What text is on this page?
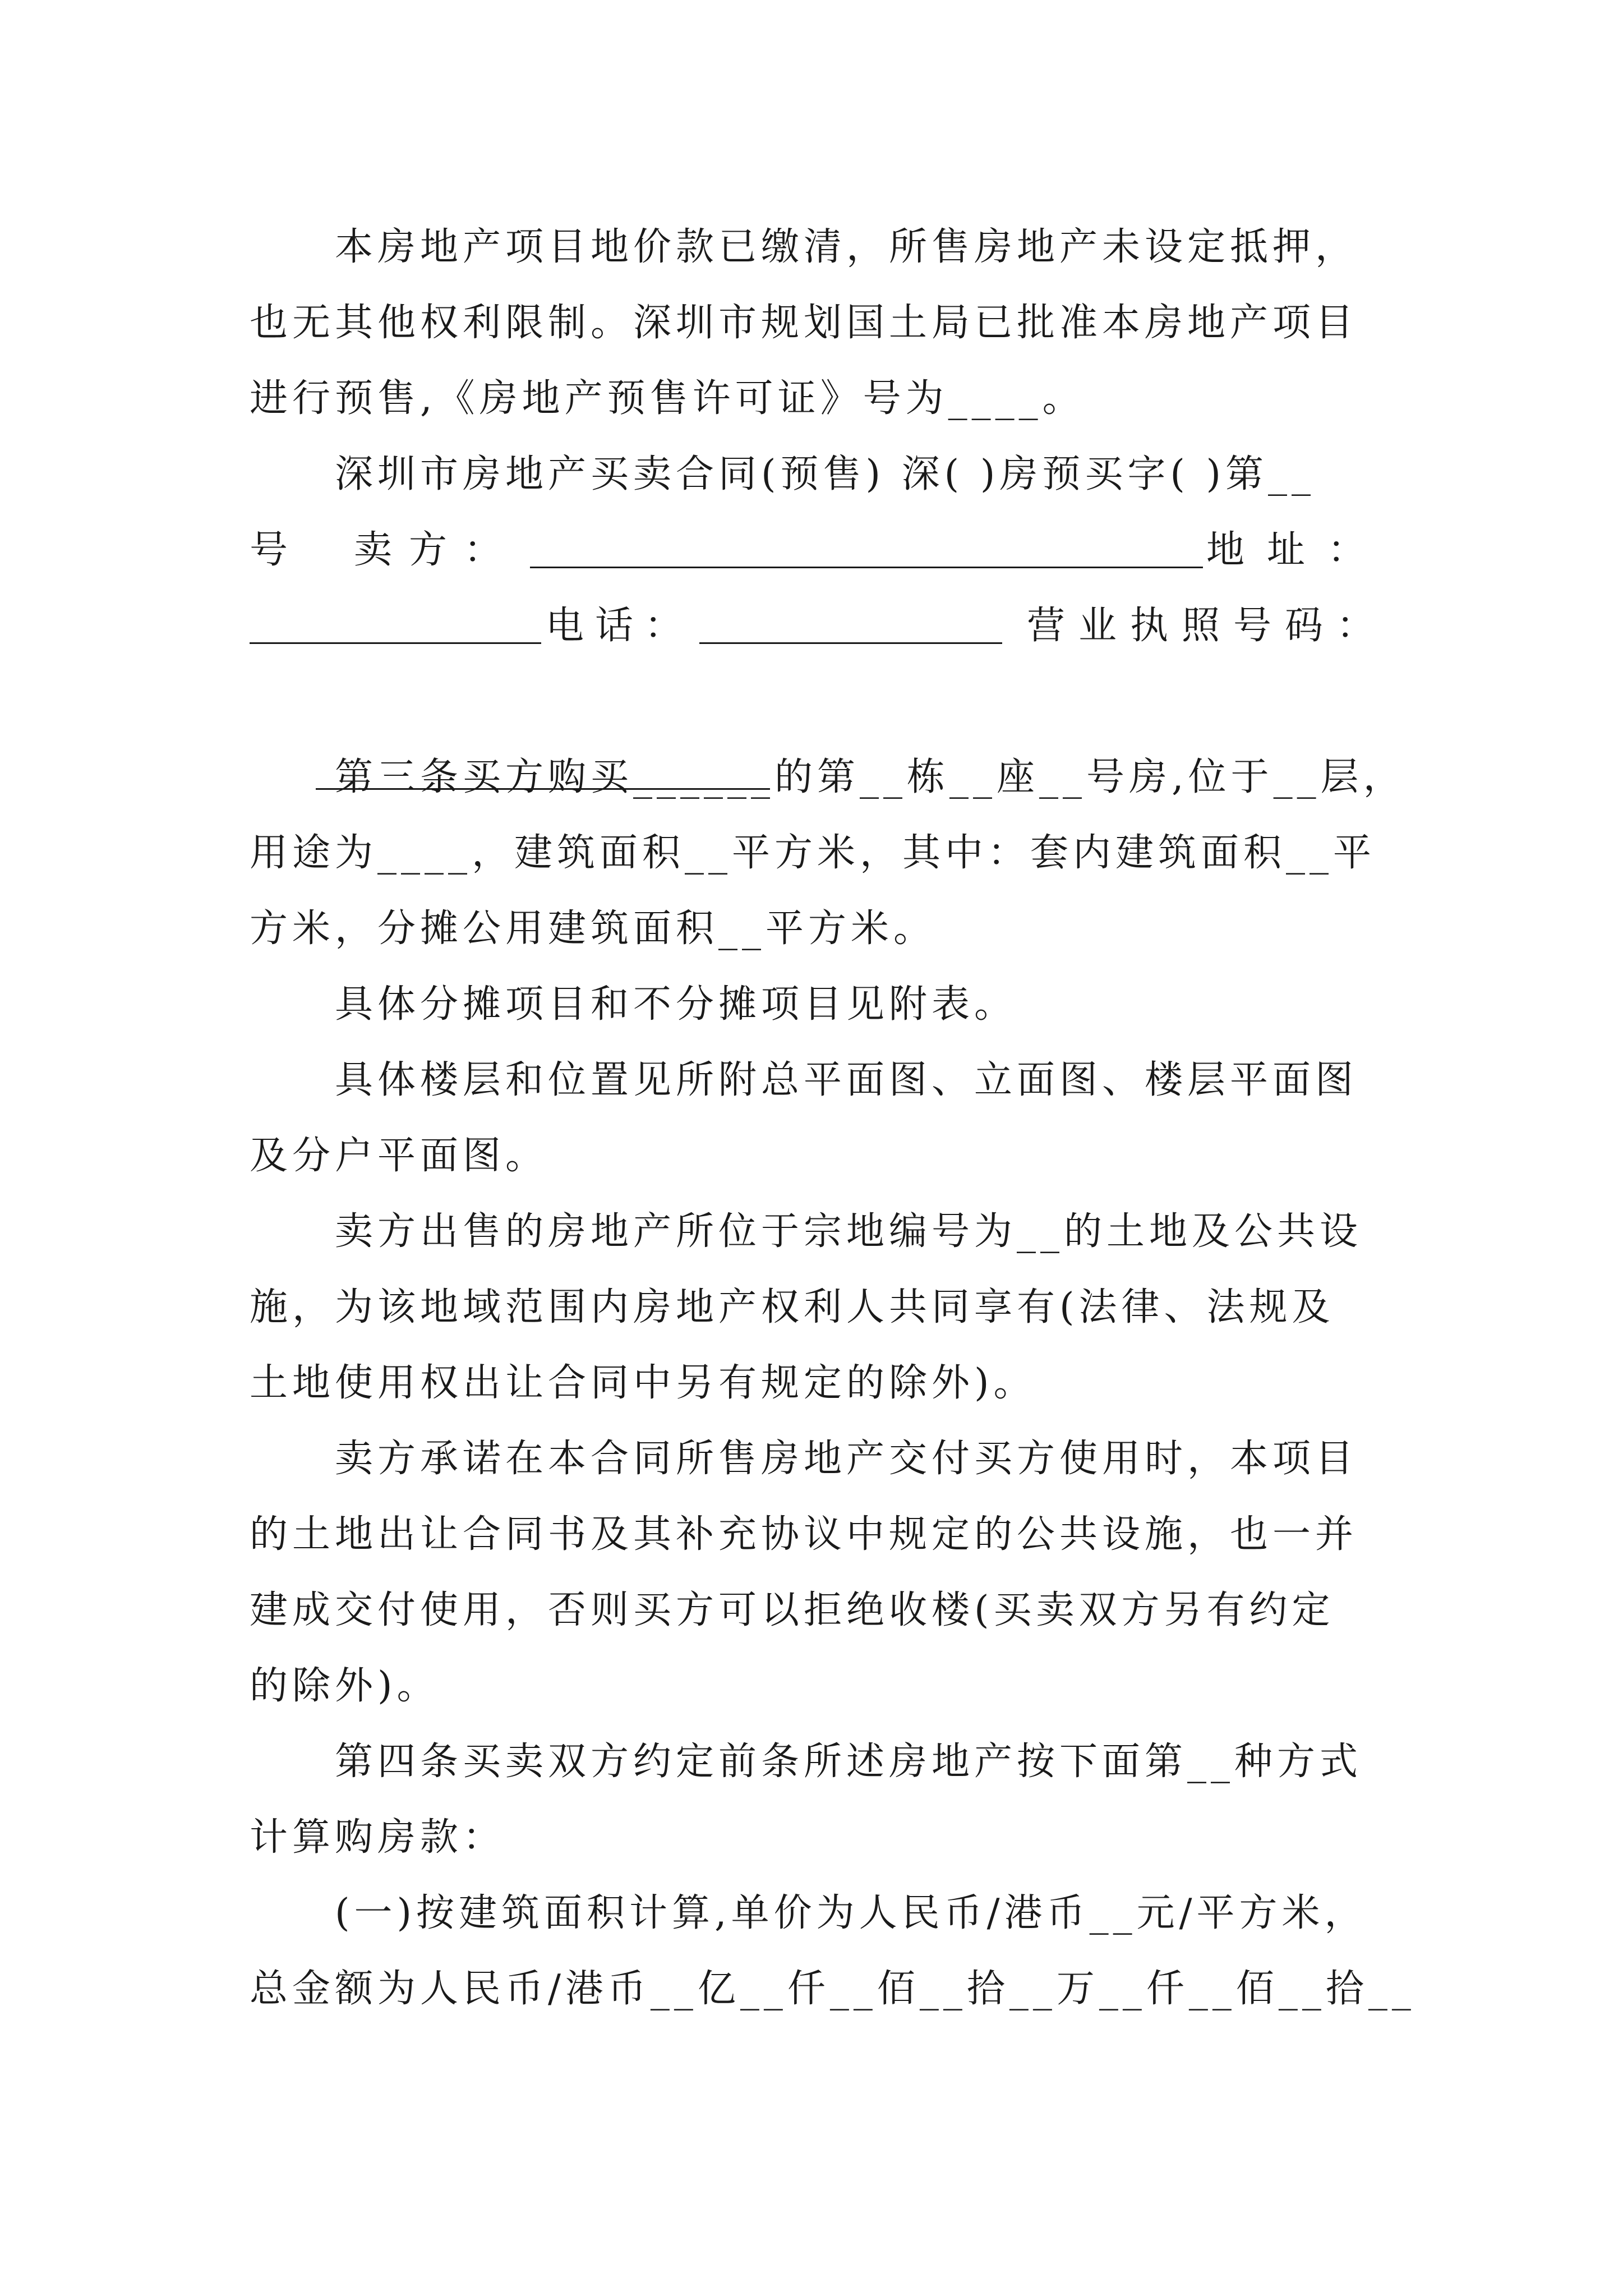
　　本房地产项目地价款已缴清，所售房地产未设定抵押，
也无其他权利限制。深圳市规划国土局已批准本房地产项目
进行预售,《房地产预售许可证》号为____。
　　深圳市房地产买卖合同(预售) 深( )房预买字( )第__
号 卖方：	地址：
电话：	营业执照号码：

　　第三条买方购买______的第__栋__座__号房,位于__层，
用途为____，建筑面积__平方米，其中：套内建筑面积__平
方米，分摊公用建筑面积__平方米。
　　具体分摊项目和不分摊项目见附表。
　　具体楼层和位置见所附总平面图、立面图、楼层平面图
及分户平面图。
　　卖方出售的房地产所位于宗地编号为__的土地及公共设
施，为该地域范围内房地产权利人共同享有(法律、法规及
土地使用权出让合同中另有规定的除外)。
　　卖方承诺在本合同所售房地产交付买方使用时，本项目
的土地出让合同书及其补充协议中规定的公共设施，也一并
建成交付使用，否则买方可以拒绝收楼(买卖双方另有约定
的除外)。
　　第四条买卖双方约定前条所述房地产按下面第__种方式
计算购房款：
　　(一)按建筑面积计算,单价为人民币/港币__元/平方米，
总金额为人民币/港币__亿__仟__佰__拾__万__仟__佰__拾__
